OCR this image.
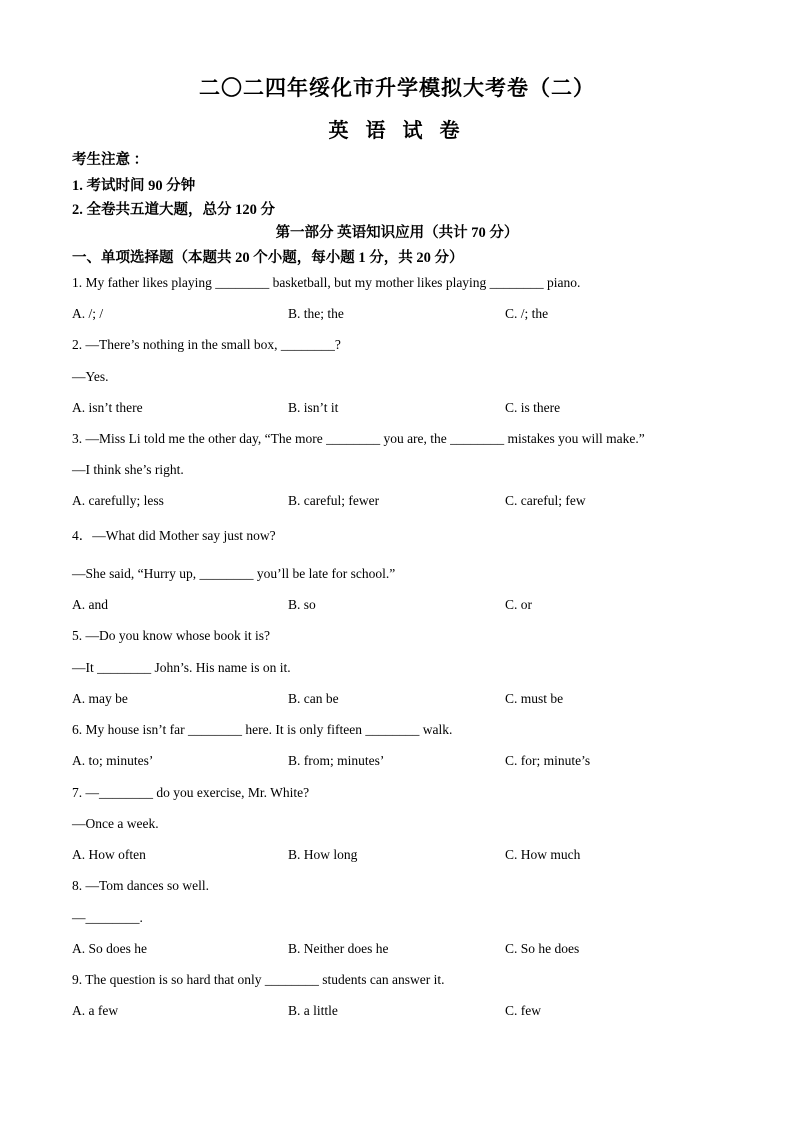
二〇二四年绥化市升学模拟大考卷（二）
英 语 试 卷
考生注意 ：
1. 考试时间 90 分钟
2. 全卷共五道大题，总分 120 分
第一部分 英语知识应用（共计 70 分）
一、单项选择题（本题共 20 个小题，每小题 1 分，共 20 分）
1. My father likes playing ________ basketball, but my mother likes playing ________ piano.
A. /; /	B. the; the	C. /; the
2. —There’s nothing in the small box, ________?
—Yes.
A. isn’t there	B. isn’t it	C. is there
3. —Miss Li told me the other day, “The more ________ you are, the ________ mistakes you will make.”
—I think she’s right.
A. carefully; less	B. careful; fewer	C. careful; few
4．—What did Mother say just now?
—She said, “Hurry up, ________ you’ll be late for school.”
A. and	B. so	C. or
5. —Do you know whose book it is?
—It ________ John’s. His name is on it.
A. may be	B. can be	C. must be
6. My house isn’t far ________ here. It is only fifteen ________ walk.
A. to; minutes’	B. from; minutes’	C. for; minute’s
7. —________ do you exercise, Mr. White?
—Once a week.
A. How often	B. How long	C. How much
8. —Tom dances so well.
—________.
A. So does he	B. Neither does he	C. So he does
9. The question is so hard that only ________ students can answer it.
A. a few	B. a little	C. few
